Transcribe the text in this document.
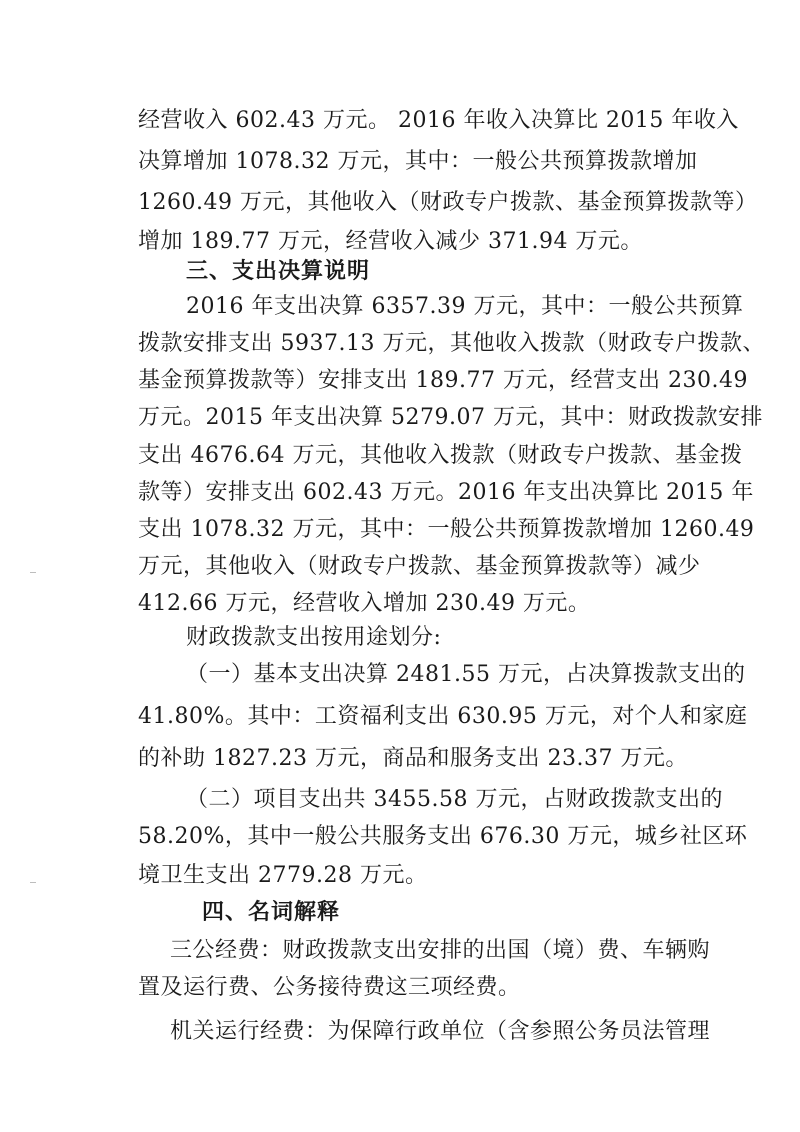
经营收入 602.43 万元。 2016 年收入决算比 2015 年收入
决算增加 1078.32 万元，其中：一般公共预算拨款增加
1260.49 万元，其他收入（财政专户拨款、基金预算拨款等）
增加 189.77 万元，经营收入减少 371.94 万元。
三、支出决算说明
2016 年支出决算 6357.39 万元，其中：一般公共预算
拨款安排支出 5937.13 万元，其他收入拨款（财政专户拨款、
基金预算拨款等）安排支出 189.77 万元，经营支出 230.49
万元。2015 年支出决算 5279.07 万元，其中：财政拨款安排
支出 4676.64 万元，其他收入拨款（财政专户拨款、基金拨
款等）安排支出 602.43 万元。2016 年支出决算比 2015 年
支出 1078.32 万元，其中：一般公共预算拨款增加 1260.49
万元，其他收入（财政专户拨款、基金预算拨款等）减少
412.66 万元，经营收入增加 230.49 万元。
财政拨款支出按用途划分:
（一）基本支出决算 2481.55 万元，占决算拨款支出的
41.80%。其中：工资福利支出 630.95 万元，对个人和家庭
的补助 1827.23 万元，商品和服务支出 23.37 万元。
（二）项目支出共 3455.58 万元，占财政拨款支出的
58.20%，其中一般公共服务支出 676.30 万元，城乡社区环
境卫生支出 2779.28 万元。
四、名词解释
三公经费：财政拨款支出安排的出国（境）费、车辆购
置及运行费、公务接待费这三项经费。
机关运行经费：为保障行政单位（含参照公务员法管理
